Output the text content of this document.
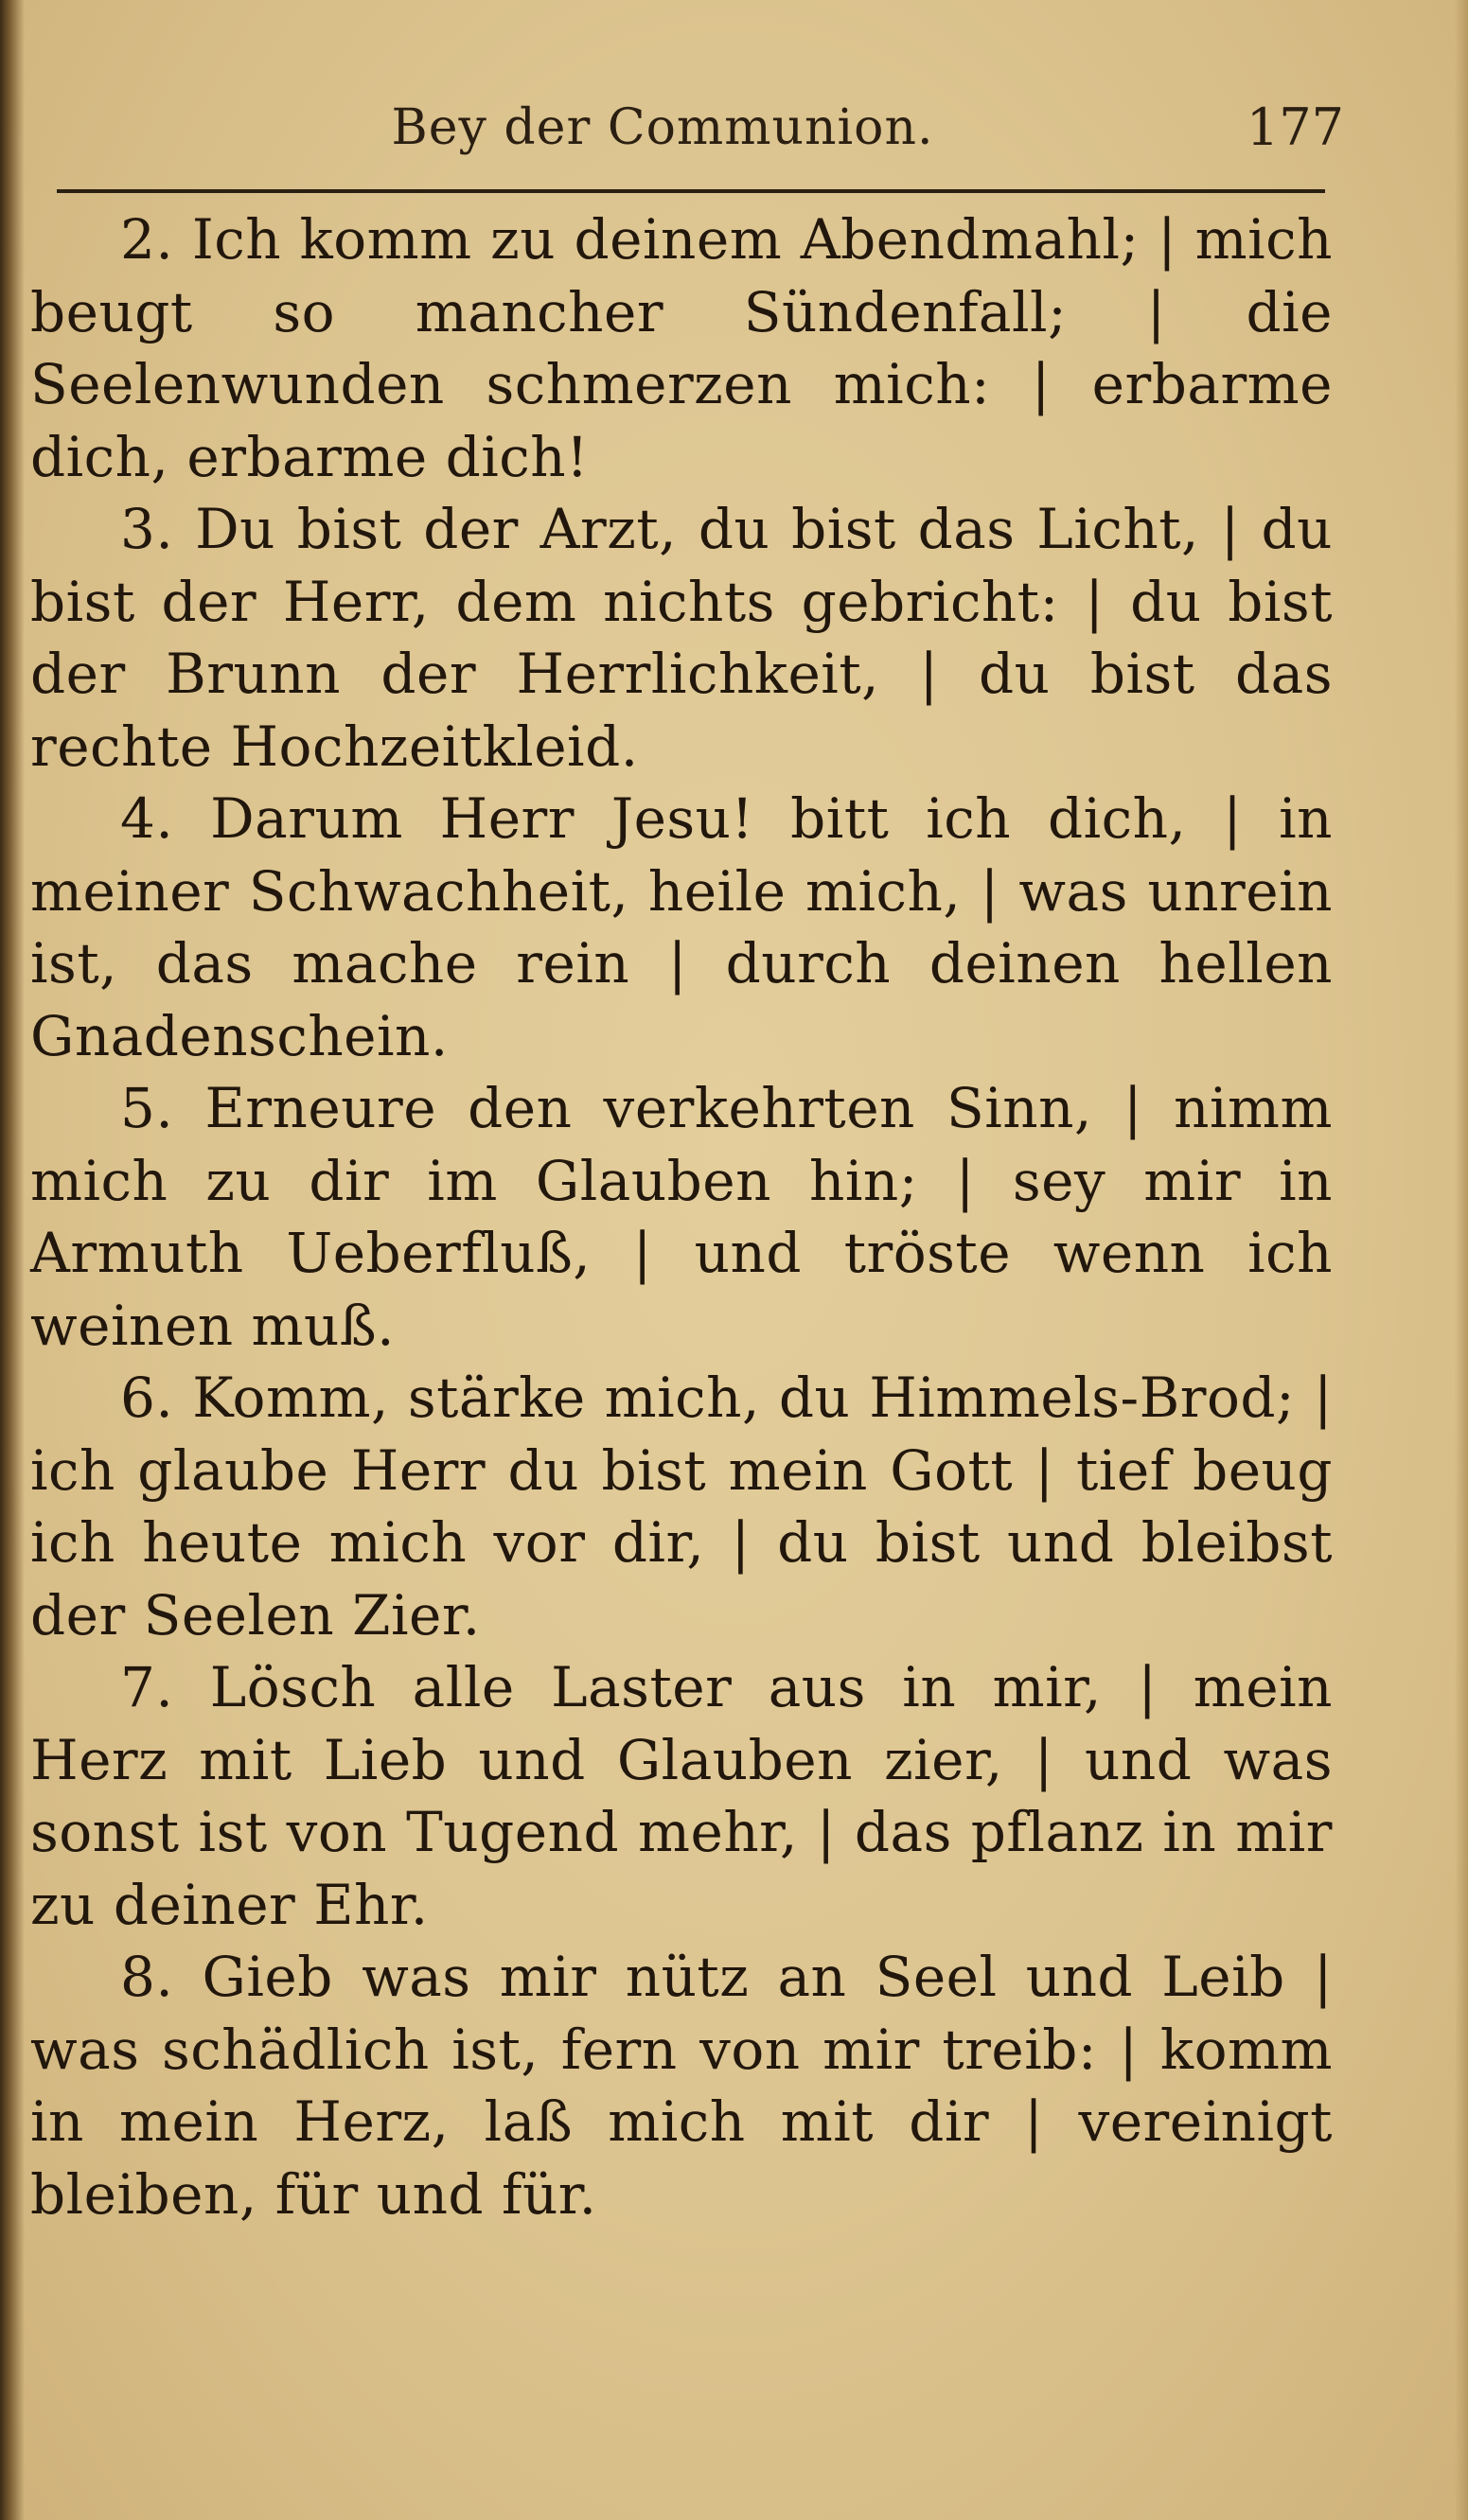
Bey der Communion.	177

2. Ich komm zu deinem Abendmahl; | mich beugt so mancher Sündenfall; | die Seelenwunden schmerzen mich: | erbarme dich, erbarme dich!

3. Du bist der Arzt, du bist das Licht, | du bist der Herr, dem nichts gebricht: | du bist der Brunn der Herrlichkeit, | du bist das rechte Hochzeitkleid.

4. Darum Herr Jesu! bitt ich dich, | in meiner Schwachheit, heile mich, | was unrein ist, das mache rein | durch deinen hellen Gnadenschein.

5. Erneure den verkehrten Sinn, | nimm mich zu dir im Glauben hin; | sey mir in Armuth Ueberfluß, | und tröste wenn ich weinen muß.

6. Komm, stärke mich, du Himmels-Brod; | ich glaube Herr du bist mein Gott | tief beug ich heute mich vor dir, | du bist und bleibst der Seelen Zier.

7. Lösch alle Laster aus in mir, | mein Herz mit Lieb und Glauben zier, | und was sonst ist von Tugend mehr, | das pflanz in mir zu deiner Ehr.

8. Gieb was mir nütz an Seel und Leib | was schädlich ist, fern von mir treib: | komm in mein Herz, laß mich mit dir | vereinigt bleiben, für und für.
